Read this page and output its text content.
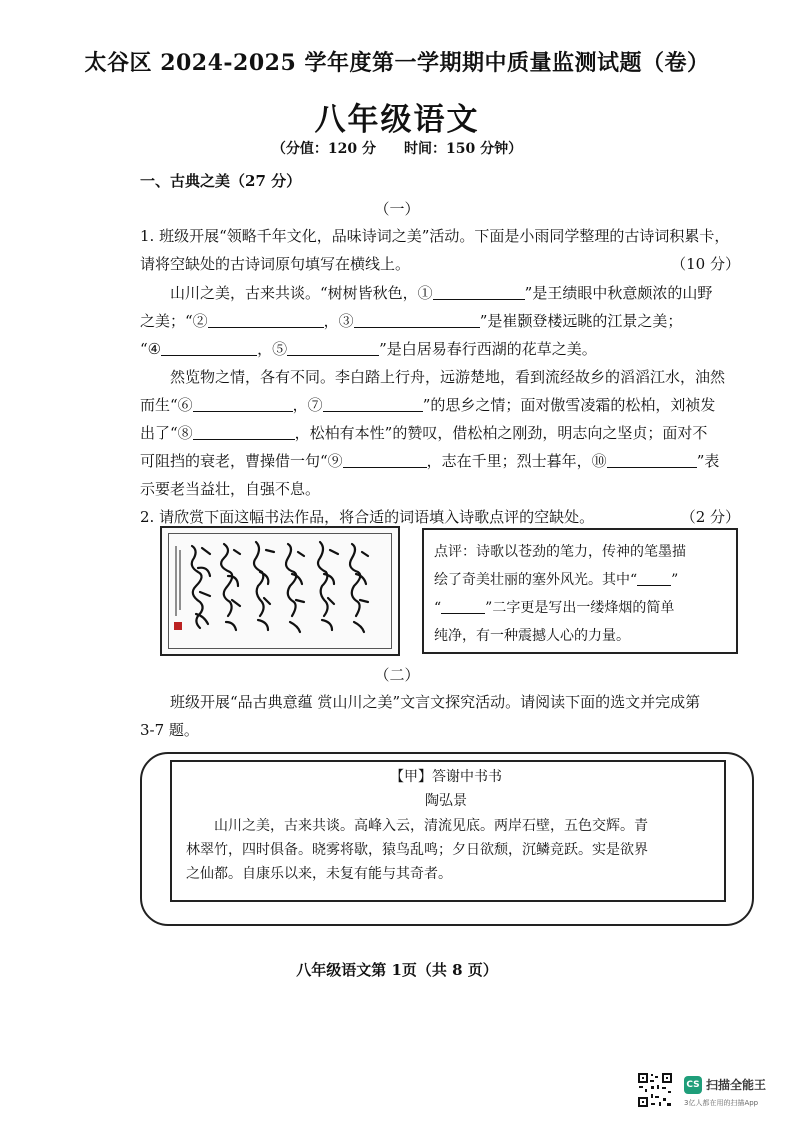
太谷区 2024-2025 学年度第一学期期中质量监测试题（卷）
八年级语文
（分值：120 分　　时间：150 分钟）
一、古典之美（27 分）
（一）
1. 班级开展“领略千年文化，品味诗词之美”活动。下面是小雨同学整理的古诗词积累卡，
请将空缺处的古诗词原句填写在横线上。	（10 分）
山川之美，古来共谈。“树树皆秋色，①	”是王绩眼中秋意颇浓的山野
之美；“②	，③	”是崔颢登楼远眺的江景之美；
“④	，⑤	”是白居易春行西湖的花草之美。
然览物之情，各有不同。李白踏上行舟，远游楚地，看到流经故乡的滔滔江水，油然
而生“⑥	，⑦	”的思乡之情；面对傲雪凌霜的松柏，刘祯发
出了“⑧	，松柏有本性”的赞叹，借松柏之刚劲，明志向之坚贞；面对不
可阻挡的衰老，曹操借一句“⑨	，志在千里；烈士暮年，⑩	”表
示要老当益壮，自强不息。
2. 请欣赏下面这幅书法作品，将合适的词语填入诗歌点评的空缺处。	（2 分）
点评：诗歌以苍劲的笔力，传神的笔墨描
绘了奇美壮丽的塞外风光。其中“ ”
“	”二字更是写出一缕烽烟的简单
纯净，有一种震撼人心的力量。
（二）
班级开展“品古典意蕴 赏山川之美”文言文探究活动。请阅读下面的选文并完成第
3-7 题。
【甲】答谢中书书
陶弘景
山川之美，古来共谈。高峰入云，清流见底。两岸石壁，五色交辉。青
林翠竹，四时俱备。晓雾将歇，猿鸟乱鸣；夕日欲颓，沉鳞竞跃。实是欲界
之仙都。自康乐以来，未复有能与其奇者。
八年级语文第 1页（共 8 页）
CS 扫描全能王
3亿人都在用的扫描App
